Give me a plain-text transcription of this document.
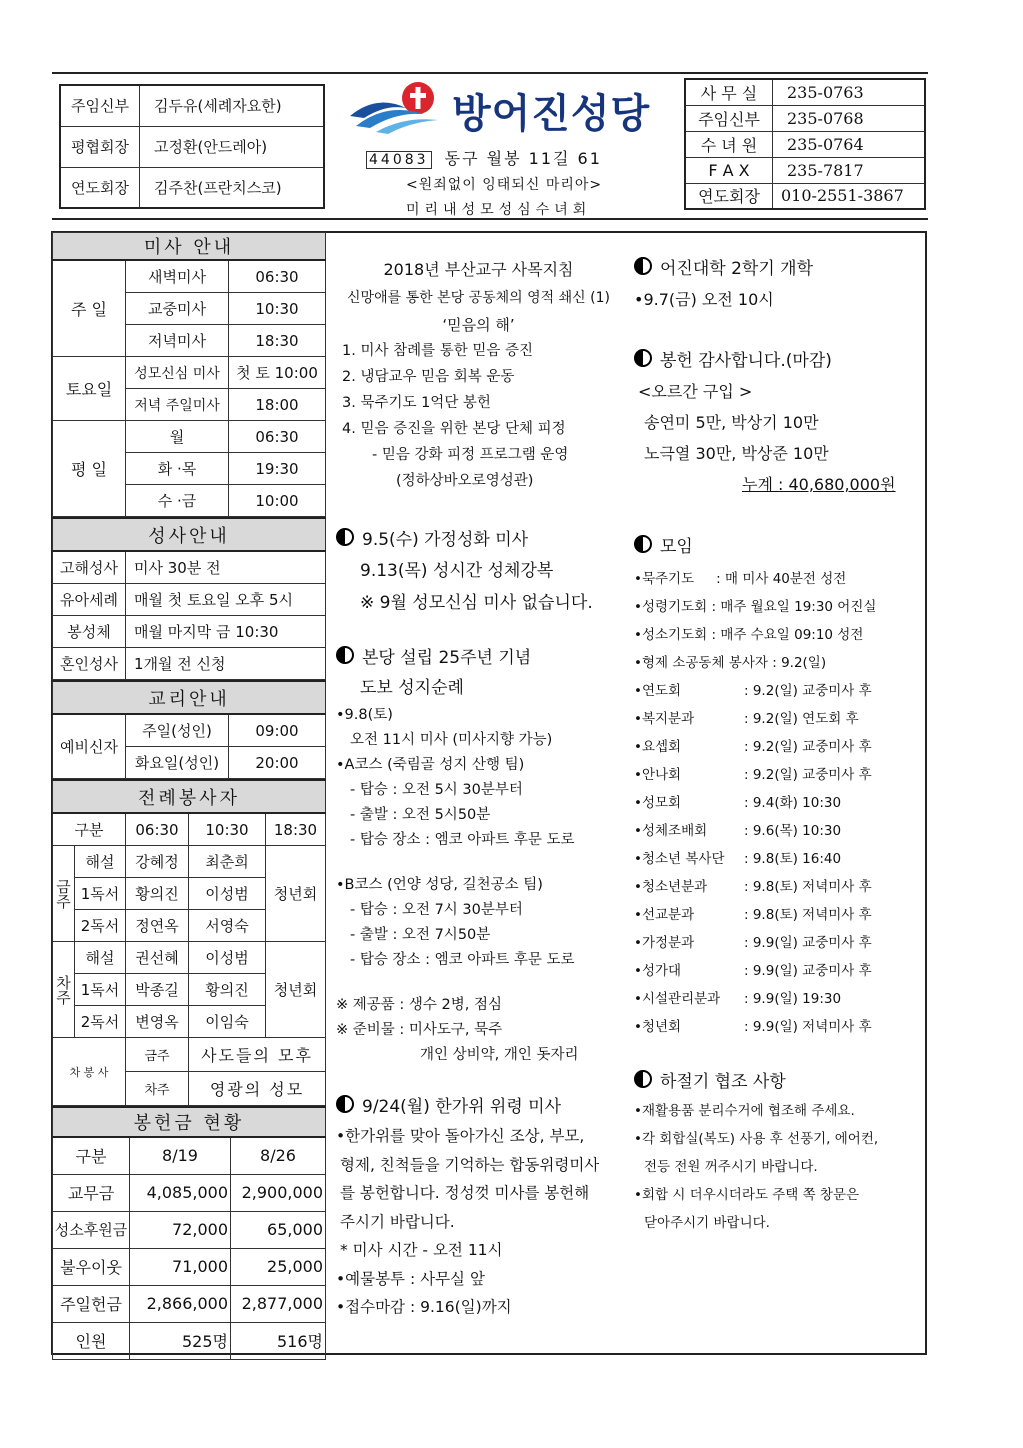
주임신부	김두유(세례자요한)
평협회장	고정환(안드레아)
연도회장	김주찬(프란치스코)
방어진성당
44083 동구 월봉 11길 61
<원죄없이 잉태되신 마리아>
미리내성모성심수녀회
사 무 실	235-0763
주임신부	235-0768
수 녀 원	235-0764
F A X	235-7817
연도회장	010-2551-3867
미사 안내		
주 일	새벽미사	06:30
	교중미사	10:30
	저녁미사	18:30
토요일	성모신심 미사	첫 토 10:00
	저녁 주일미사	18:00
평 일	월	06:30
	화 ·목	19:30
	수 ·금	10:00
성사안내	
고해성사	미사 30분 전
유아세례	매월 첫 토요일 오후 5시
봉성체	매월 마지막 금 10:30
혼인성사	1개월 전 신청
교리안내		
예비신자	주일(성인)	09:00
	화요일(성인)	20:00
전례봉사자				
구분		06:30	10:30	18:30
금주	해설	강혜정	최춘희	청년회
	1독서	황의진	이성범	
	2독서	정연옥	서영숙	
차주	해설	권선혜	이성범	청년회
	1독서	박종길	황의진	
	2독서	변영옥	이임숙	
차 봉 사		금주	사도들의 모후	
		차주	영광의 성모	
봉헌금 현황		
구분	8/19	8/26
교무금	4,085,000	2,900,000
성소후원금	72,000	65,000
불우이웃	71,000	25,000
주일헌금	2,866,000	2,877,000
인원	525명	516명
2018년 부산교구 사목지침
신망애를 통한 본당 공동체의 영적 쇄신 (1)
‘믿음의 해’
1. 미사 참례를 통한 믿음 증진
2. 냉담교우 믿음 회복 운동
3. 묵주기도 1억단 봉헌
4. 믿음 증진을 위한 본당 단체 피정
- 믿음 강화 피정 프로그램 운영
(정하상바오로영성관)
9.5(수) 가정성화 미사
9.13(목) 성시간 성체강복
※ 9월 성모신심 미사 없습니다.
본당 설립 25주년 기념
도보 성지순례
•9.8(토)
오전 11시 미사 (미사지향 가능)
•A코스 (죽림골 성지 산행 팀)
- 탑승 : 오전 5시 30분부터
- 출발 : 오전 5시50분
- 탑승 장소 : 엠코 아파트 후문 도로
•B코스 (언양 성당, 길천공소 팀)
- 탑승 : 오전 7시 30분부터
- 출발 : 오전 7시50분
- 탑승 장소 : 엠코 아파트 후문 도로
※ 제공품 : 생수 2병, 점심
※ 준비물 : 미사도구, 묵주
개인 상비약, 개인 돗자리
9/24(월) 한가위 위령 미사
•한가위를 맞아 돌아가신 조상, 부모,
형제, 친척들을 기억하는 합동위령미사
를 봉헌합니다. 정성껏 미사를 봉헌해
주시기 바랍니다.
* 미사 시간 - 오전 11시
•예물봉투 : 사무실 앞
•접수마감 : 9.16(일)까지
어진대학 2학기 개학
•9.7(금) 오전 10시
봉헌 감사합니다.(마감)
<오르간 구입 >
송연미 5만, 박상기 10만
노극열 30만, 박상준 10만
누계 : 40,680,000원
모임
•묵주기도 : 매 미사 40분전 성전
•성령기도회 : 매주 월요일 19:30 어진실
•성소기도회 : 매주 수요일 09:10 성전
•형제 소공동체 봉사자 : 9.2(일)
•연도회	: 9.2(일) 교중미사 후
•복지분과	: 9.2(일) 연도회 후
•요셉회	: 9.2(일) 교중미사 후
•안나회	: 9.2(일) 교중미사 후
•성모회	: 9.4(화) 10:30
•성체조배회	: 9.6(목) 10:30
•청소년 복사단 : 9.8(토) 16:40
•청소년분과	: 9.8(토) 저녁미사 후
•선교분과	: 9.8(토) 저녁미사 후
•가정분과	: 9.9(일) 교중미사 후
•성가대	: 9.9(일) 교중미사 후
•시설관리분과 : 9.9(일) 19:30
•청년회	: 9.9(일) 저녁미사 후
하절기 협조 사항
•재활용품 분리수거에 협조해 주세요.
•각 회합실(복도) 사용 후 선풍기, 에어컨,
전등 전원 꺼주시기 바랍니다.
•회합 시 더우시더라도 주택 쪽 창문은
닫아주시기 바랍니다.
